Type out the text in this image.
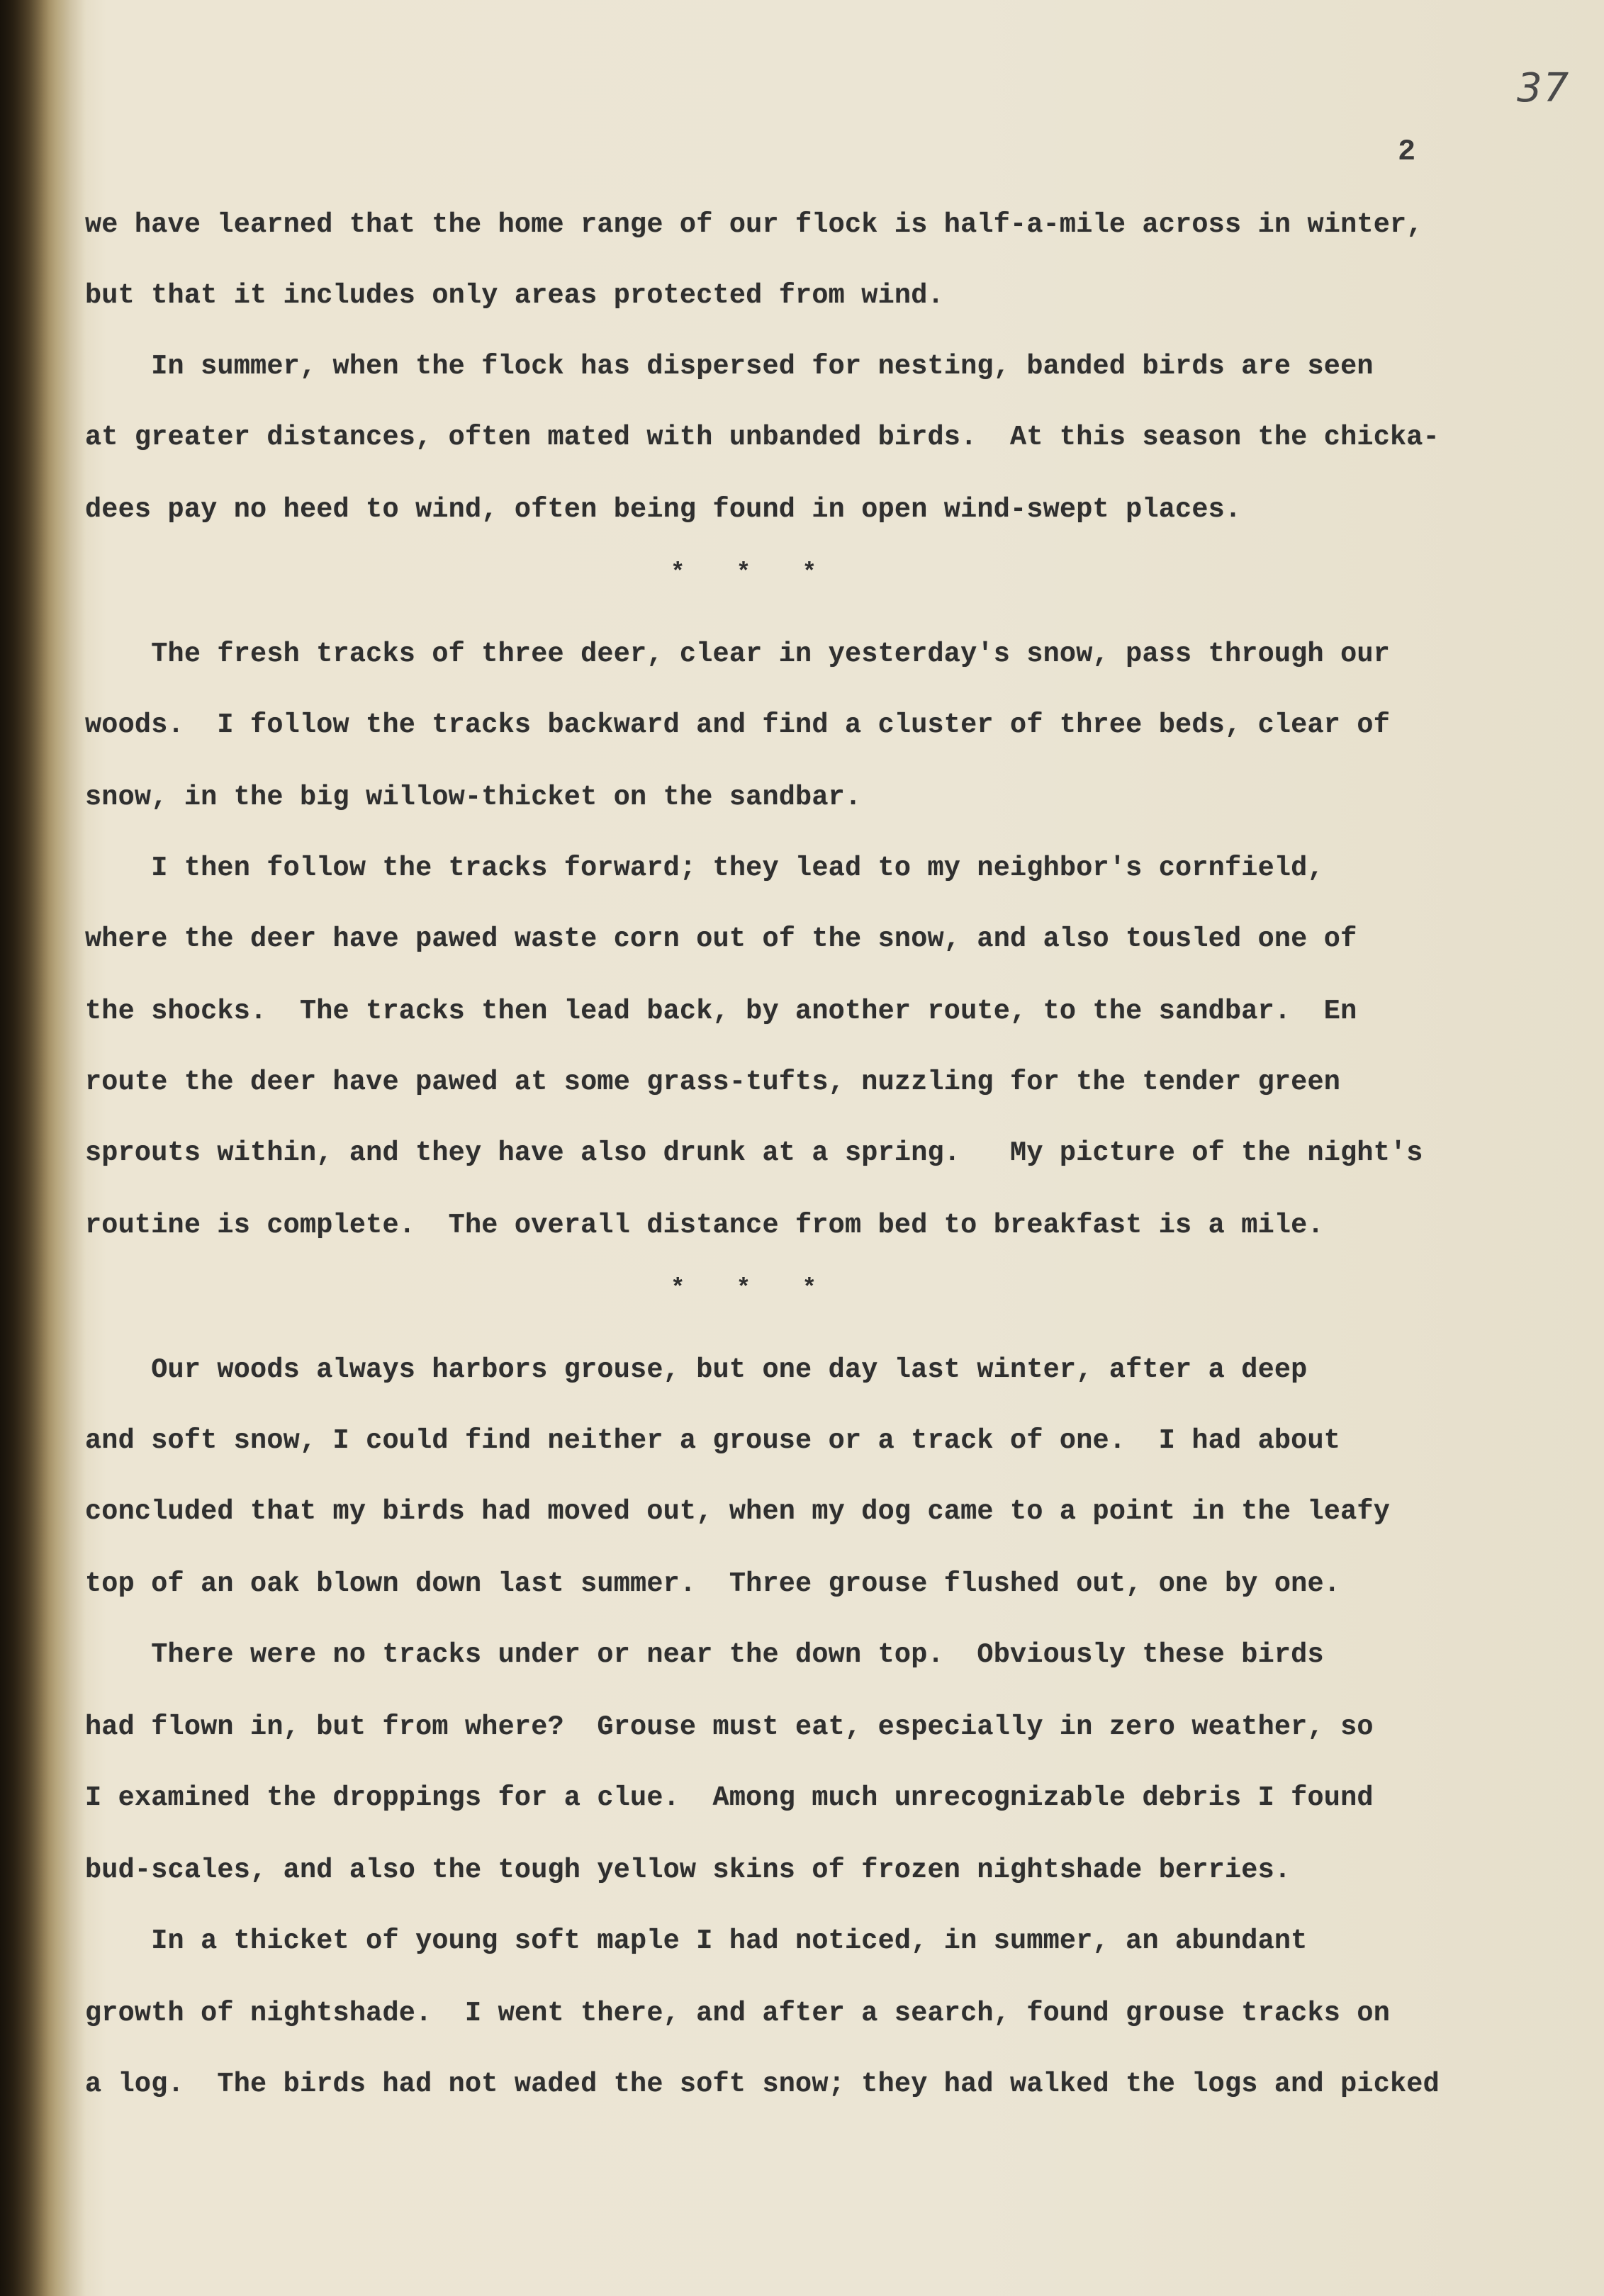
37
2
we have learned that the home range of our flock is half-a-mile across in winter,
but that it includes only areas protected from wind.
In summer, when the flock has dispersed for nesting, banded birds are seen
at greater distances, often mated with unbanded birds.  At this season the chicka-
dees pay no heed to wind, often being found in open wind-swept places.
* * *
The fresh tracks of three deer, clear in yesterday's snow, pass through our
woods.  I follow the tracks backward and find a cluster of three beds, clear of
snow, in the big willow-thicket on the sandbar.
I then follow the tracks forward; they lead to my neighbor's cornfield,
where the deer have pawed waste corn out of the snow, and also tousled one of
the shocks.  The tracks then lead back, by another route, to the sandbar.  En
route the deer have pawed at some grass-tufts, nuzzling for the tender green
sprouts within, and they have also drunk at a spring.   My picture of the night's
routine is complete.  The overall distance from bed to breakfast is a mile.
* * *
Our woods always harbors grouse, but one day last winter, after a deep
and soft snow, I could find neither a grouse or a track of one.  I had about
concluded that my birds had moved out, when my dog came to a point in the leafy
top of an oak blown down last summer.  Three grouse flushed out, one by one.
There were no tracks under or near the down top.  Obviously these birds
had flown in, but from where?  Grouse must eat, especially in zero weather, so
I examined the droppings for a clue.  Among much unrecognizable debris I found
bud-scales, and also the tough yellow skins of frozen nightshade berries.
In a thicket of young soft maple I had noticed, in summer, an abundant
growth of nightshade.  I went there, and after a search, found grouse tracks on
a log.  The birds had not waded the soft snow; they had walked the logs and picked
